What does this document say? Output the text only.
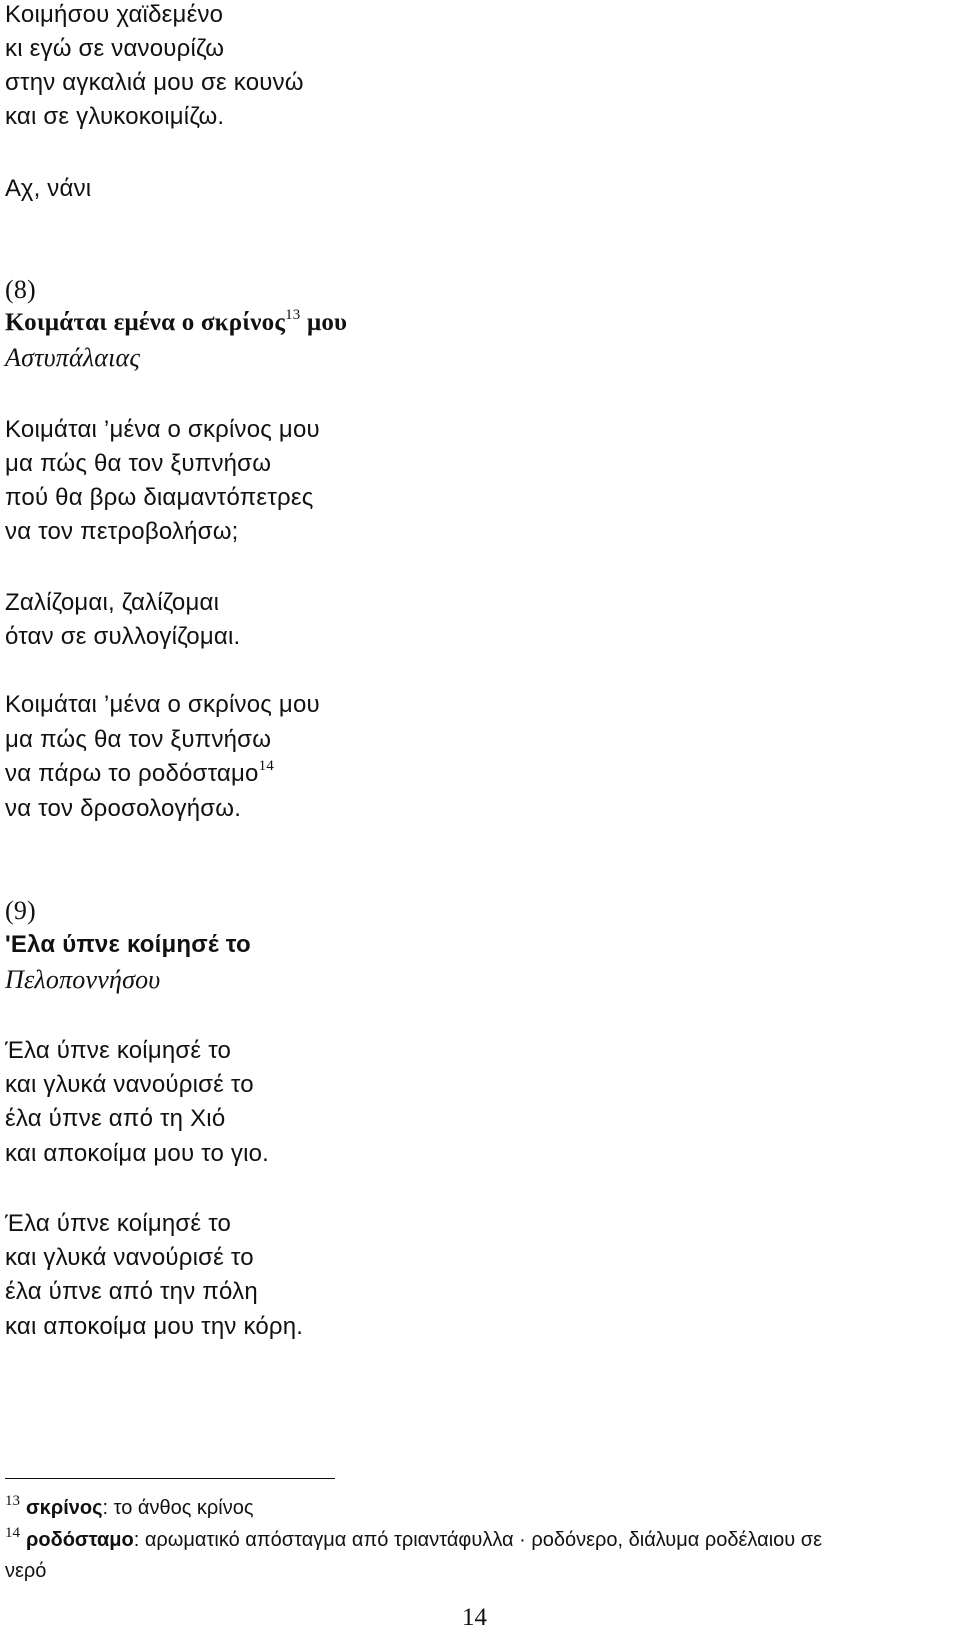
Κοιμήσου χαϊδεμένο
κι εγώ σε νανουρίζω
στην αγκαλιά μου σε κουνώ
και σε γλυκοκοιμίζω.
Αχ, νάνι
(8)
Κοιμάται εμένα ο σκρίνος$^{13}$ μου
Αστυπάλαιας
Κοιμάται ’μένα ο σκρίνος μου
μα πώς θα τον ξυπνήσω
πού θα βρω διαμαντόπετρες
να τον πετροβολήσω;
Ζαλίζομαι, ζαλίζομαι
όταν σε συλλογίζομαι.
Κοιμάται ’μένα ο σκρίνος μου
μα πώς θα τον ξυπνήσω
να πάρω το ροδόσταμο$^{14}$
να τον δροσολογήσω.
(9)
'Ελα ύπνε κοίμησέ το
Πελοποννήσου
Έλα ύπνε κοίμησέ το
και γλυκά νανούρισέ το
έλα ύπνε από τη Χιό
και αποκοίμα μου το γιο.
Έλα ύπνε κοίμησέ το
και γλυκά νανούρισέ το
έλα ύπνε από την πόλη
και αποκοίμα μου την κόρη.
$^{13}$ σκρίνος: το άνθος κρίνος
$^{14}$ ροδόσταμο: αρωματικό απόσταγμα από τριαντάφυλλα · ροδόνερο, διάλυμα ροδέλαιου σε
νερό
14
